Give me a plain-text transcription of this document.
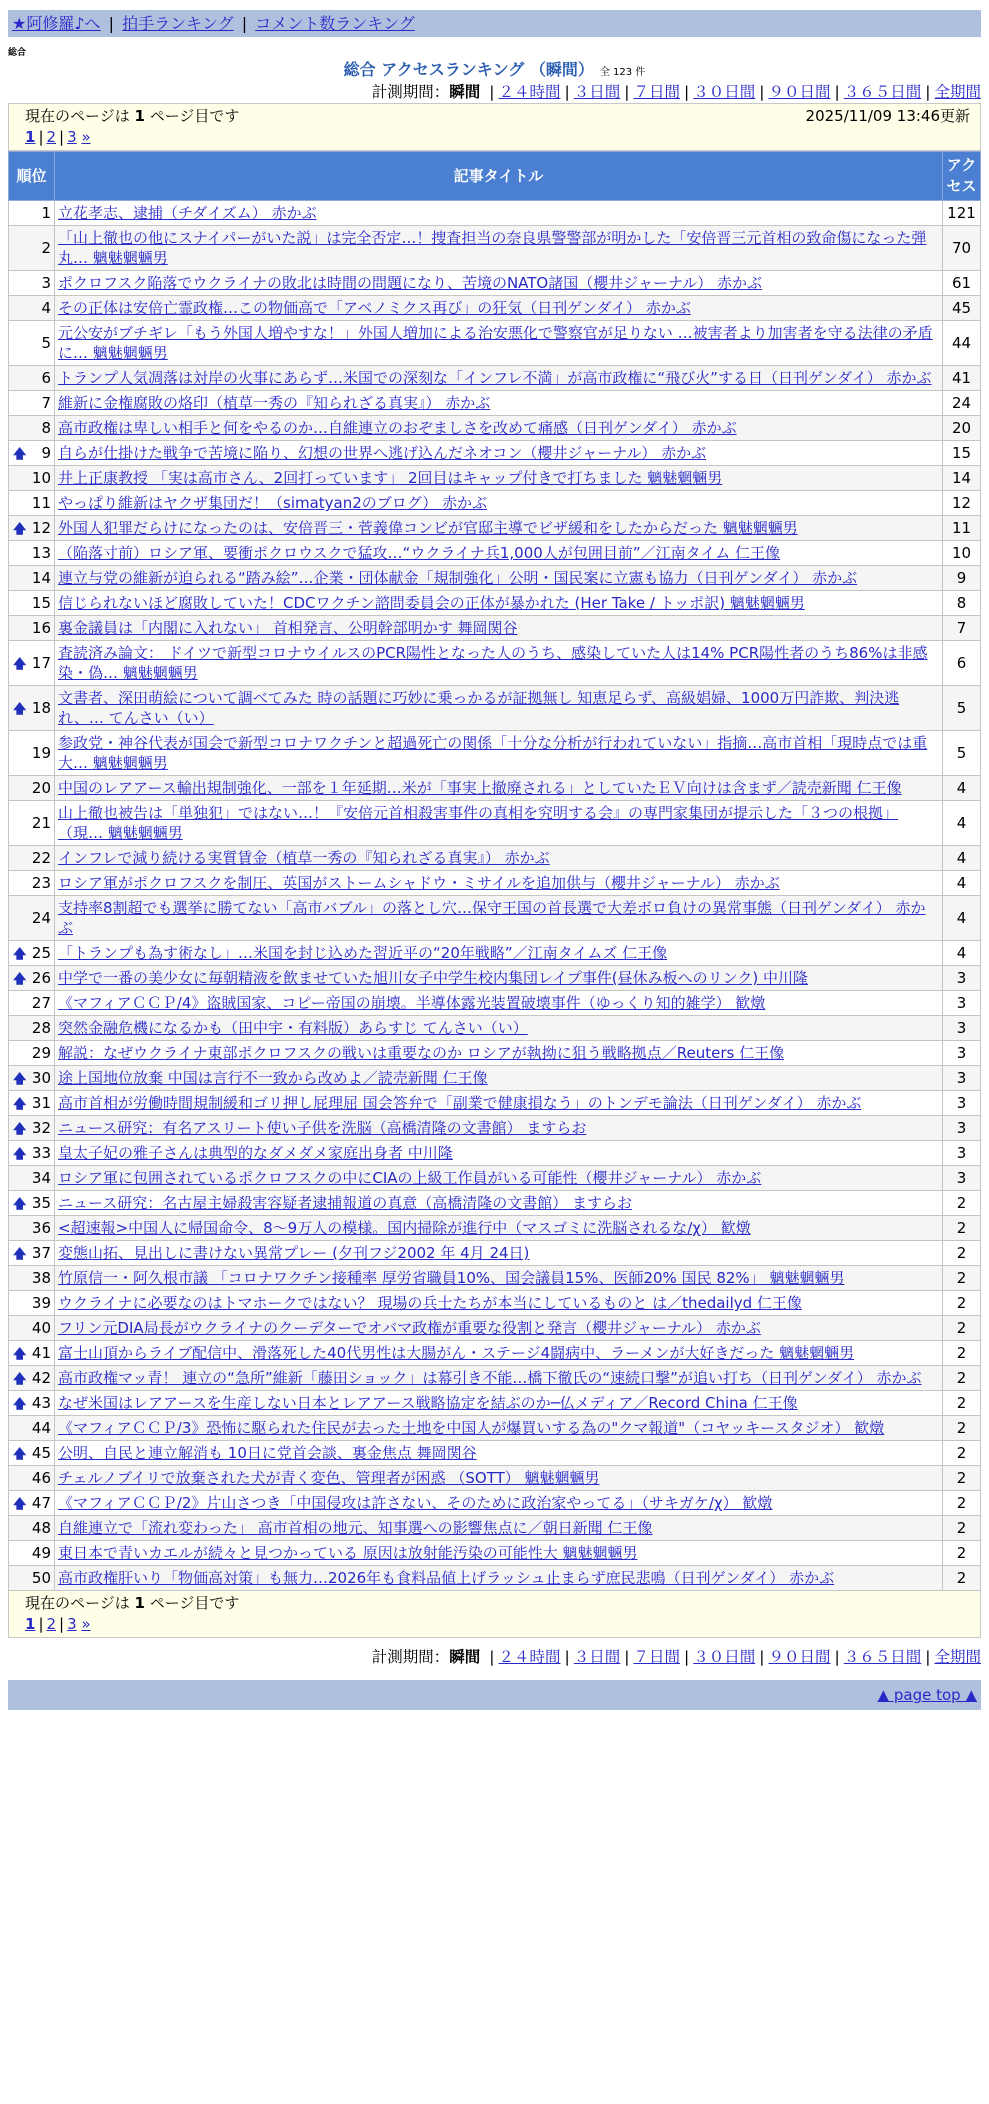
★阿修羅♪へ | 拍手ランキング | コメント数ランキング
総合
総合 アクセスランキング （瞬間） 全 123 件
計測期間：瞬間 | ２４時間 | ３日間 | ７日間 | ３０日間 | ９０日間 | ３６５日間 | 全期間
現在のページは 1 ページ目です	2025/11/09 13:46更新
1 | 2 | 3 »
順位	記事タイトル	アクセス
1	立花孝志、逮捕（チダイズム） 赤かぶ	121
2	「山上徹也の他にスナイパーがいた説」は完全否定…！捜査担当の奈良県警警部が明かした「安倍晋三元首相の致命傷になった弾丸… 魑魅魍魎男	70
3	ポクロフスク陥落でウクライナの敗北は時間の問題になり、苦境のNATO諸国（櫻井ジャーナル） 赤かぶ	61
4	その正体は安倍亡霊政権…この物価高で「アベノミクス再び」の狂気（日刊ゲンダイ） 赤かぶ	45
5	元公安がブチギレ「もう外国人増やすな！」外国人増加による治安悪化で警察官が足りない …被害者より加害者を守る法律の矛盾に… 魑魅魍魎男	44
6	トランプ人気凋落は対岸の火事にあらず…米国での深刻な「インフレ不満」が高市政権に“飛び火”する日（日刊ゲンダイ） 赤かぶ	41
7	維新に金権腐敗の烙印（植草一秀の『知られざる真実』） 赤かぶ	24
8	高市政権は卑しい相手と何をやるのか…自維連立のおぞましさを改めて痛感（日刊ゲンダイ） 赤かぶ	20

🡅 9	自らが仕掛けた戦争で苦境に陥り、幻想の世界へ逃げ込んだネオコン（櫻井ジャーナル） 赤かぶ	15
10	井上正康教授 「実は高市さん、2回打っています」 2回目はキャップ付きで打ちました 魑魅魍魎男	14
11	やっぱり維新はヤクザ集団だ！（simatyan2のブログ） 赤かぶ	12

🡅 12	外国人犯罪だらけになったのは、安倍晋三・菅義偉コンビが官邸主導でビザ緩和をしたからだった 魑魅魍魎男	11
13	（陥落寸前）ロシア軍、要衝ポクロウスクで猛攻…“ウクライナ兵1,000人が包囲目前”／江南タイム 仁王像	10
14	連立与党の維新が迫られる“踏み絵”…企業・団体献金「規制強化」公明・国民案に立憲も協力（日刊ゲンダイ） 赤かぶ	9
15	信じられないほど腐敗していた！CDCワクチン諮問委員会の正体が暴かれた (Her Take / トッポ訳) 魑魅魍魎男	8
16	裏金議員は「内閣に入れない」 首相発言、公明幹部明かす 舞岡関谷	7

🡅 17	査読済み論文： ドイツで新型コロナウイルスのPCR陽性となった人のうち、感染していた人は14% PCR陽性者のうち86%は非感染・偽… 魑魅魍魎男	6

🡅 18	文書者、深田萌絵について調べてみた 時の話題に巧妙に乗っかるが証拠無し 知恵足らず、高級娼婦、1000万円詐欺、判決逃れ、… てんさい（い）	5
19	参政党・神谷代表が国会で新型コロナワクチンと超過死亡の関係「十分な分析が行われていない」指摘…高市首相「現時点では重大… 魑魅魍魎男	5
20	中国のレアアース輸出規制強化、一部を１年延期…米が「事実上撤廃される」としていたＥＶ向けは含まず／読売新聞 仁王像	4
21	山上徹也被告は「単独犯」ではない…！『安倍元首相殺害事件の真相を究明する会』の専門家集団が提示した「３つの根拠」 （現… 魑魅魍魎男	4
22	インフレで減り続ける実質賃金（植草一秀の『知られざる真実』） 赤かぶ	4
23	ロシア軍がポクロフスクを制圧、英国がストームシャドウ・ミサイルを追加供与（櫻井ジャーナル） 赤かぶ	4
24	支持率8割超でも選挙に勝てない「高市バブル」の落とし穴…保守王国の首長選で大差ボロ負けの異常事態（日刊ゲンダイ） 赤かぶ	4

🡅 25	「トランプも為す術なし」…米国を封じ込めた習近平の“20年戦略”／江南タイムズ 仁王像	4

🡅 26	中学で一番の美少女に毎朝精液を飲ませていた旭川女子中学生校内集団レイプ事件(昼休み板へのリンク) 中川隆	3
27	《マフィアＣＣＰ/4》盗賊国家、コピー帝国の崩壊。半導体露光装置破壊事件（ゆっくり知的雑学） 歓燉	3
28	突然金融危機になるかも（田中宇・有料版）あらすじ てんさい（い）	3
29	解説：なぜウクライナ東部ポクロフスクの戦いは重要なのか ロシアが執拗に狙う戦略拠点／Reuters 仁王像	3

🡅 30	途上国地位放棄 中国は言行不一致から改めよ／読売新聞 仁王像	3

🡅 31	高市首相が労働時間規制緩和ゴリ押し屁理屈 国会答弁で「副業で健康損なう」のトンデモ論法（日刊ゲンダイ） 赤かぶ	3

🡅 32	ニュース研究：有名アスリート使い子供を洗脳（高橋清隆の文書館） ますらお	3

🡅 33	皇太子妃の雅子さんは典型的なダメダメ家庭出身者 中川隆	3
34	ロシア軍に包囲されているポクロフスクの中にCIAの上級工作員がいる可能性（櫻井ジャーナル） 赤かぶ	3

🡅 35	ニュース研究：名古屋主婦殺害容疑者逮捕報道の真意（高橋清隆の文書館） ますらお	2
36	<超速報>中国人に帰国命令、8～9万人の模様。国内掃除が進行中（マスゴミに洗脳されるな/χ） 歓燉	2

🡅 37	変態山拓、見出しに書けない異常プレー (夕刊フジ2002 年 4月 24日)	2
38	竹原信一・阿久根市議 「コロナワクチン接種率 厚労省職員10%、国会議員15%、医師20% 国民 82%」 魑魅魍魎男	2
39	ウクライナに必要なのはトマホークではない？ 現場の兵士たちが本当にしているものと は／thedailyd 仁王像	2
40	フリン元DIA局長がウクライナのクーデターでオバマ政権が重要な役割と発言（櫻井ジャーナル） 赤かぶ	2

🡅 41	富士山頂からライブ配信中、滑落死した40代男性は大腸がん・ステージ4闘病中、ラーメンが大好きだった 魑魅魍魎男	2

🡅 42	高市政権マッ青！ 連立の“急所”維新「藤田ショック」は幕引き不能…橋下徹氏の“速続口撃”が追い打ち（日刊ゲンダイ） 赤かぶ	2

🡅 43	なぜ米国はレアアースを生産しない日本とレアアース戦略協定を結ぶのか─仏メディア／Record China 仁王像	2
44	《マフィアＣＣＰ/3》恐怖に駆られた住民が去った土地を中国人が爆買いする為の"クマ報道"（コヤッキースタジオ） 歓燉	2

🡅 45	公明、自民と連立解消も 10日に党首会談、裏金焦点 舞岡関谷	2
46	チェルノブイリで放棄された犬が青く変色、管理者が困惑 （SOTT） 魑魅魍魎男	2

🡅 47	《マフィアＣＣＰ/2》片山さつき「中国侵攻は許さない、そのために政治家やってる」（サキガケ/χ） 歓燉	2
48	自維連立で「流れ変わった」 高市首相の地元、知事選への影響焦点に／朝日新聞 仁王像	2
49	東日本で青いカエルが続々と見つかっている 原因は放射能汚染の可能性大 魑魅魍魎男	2
50	高市政権肝いり「物価高対策」も無力…2026年も食料品値上げラッシュ止まらず庶民悲鳴（日刊ゲンダイ） 赤かぶ	2
現在のページは 1 ページ目です
1 | 2 | 3 »
計測期間：瞬間 | ２４時間 | ３日間 | ７日間 | ３０日間 | ９０日間 | ３６５日間 | 全期間
▲ page top ▲
